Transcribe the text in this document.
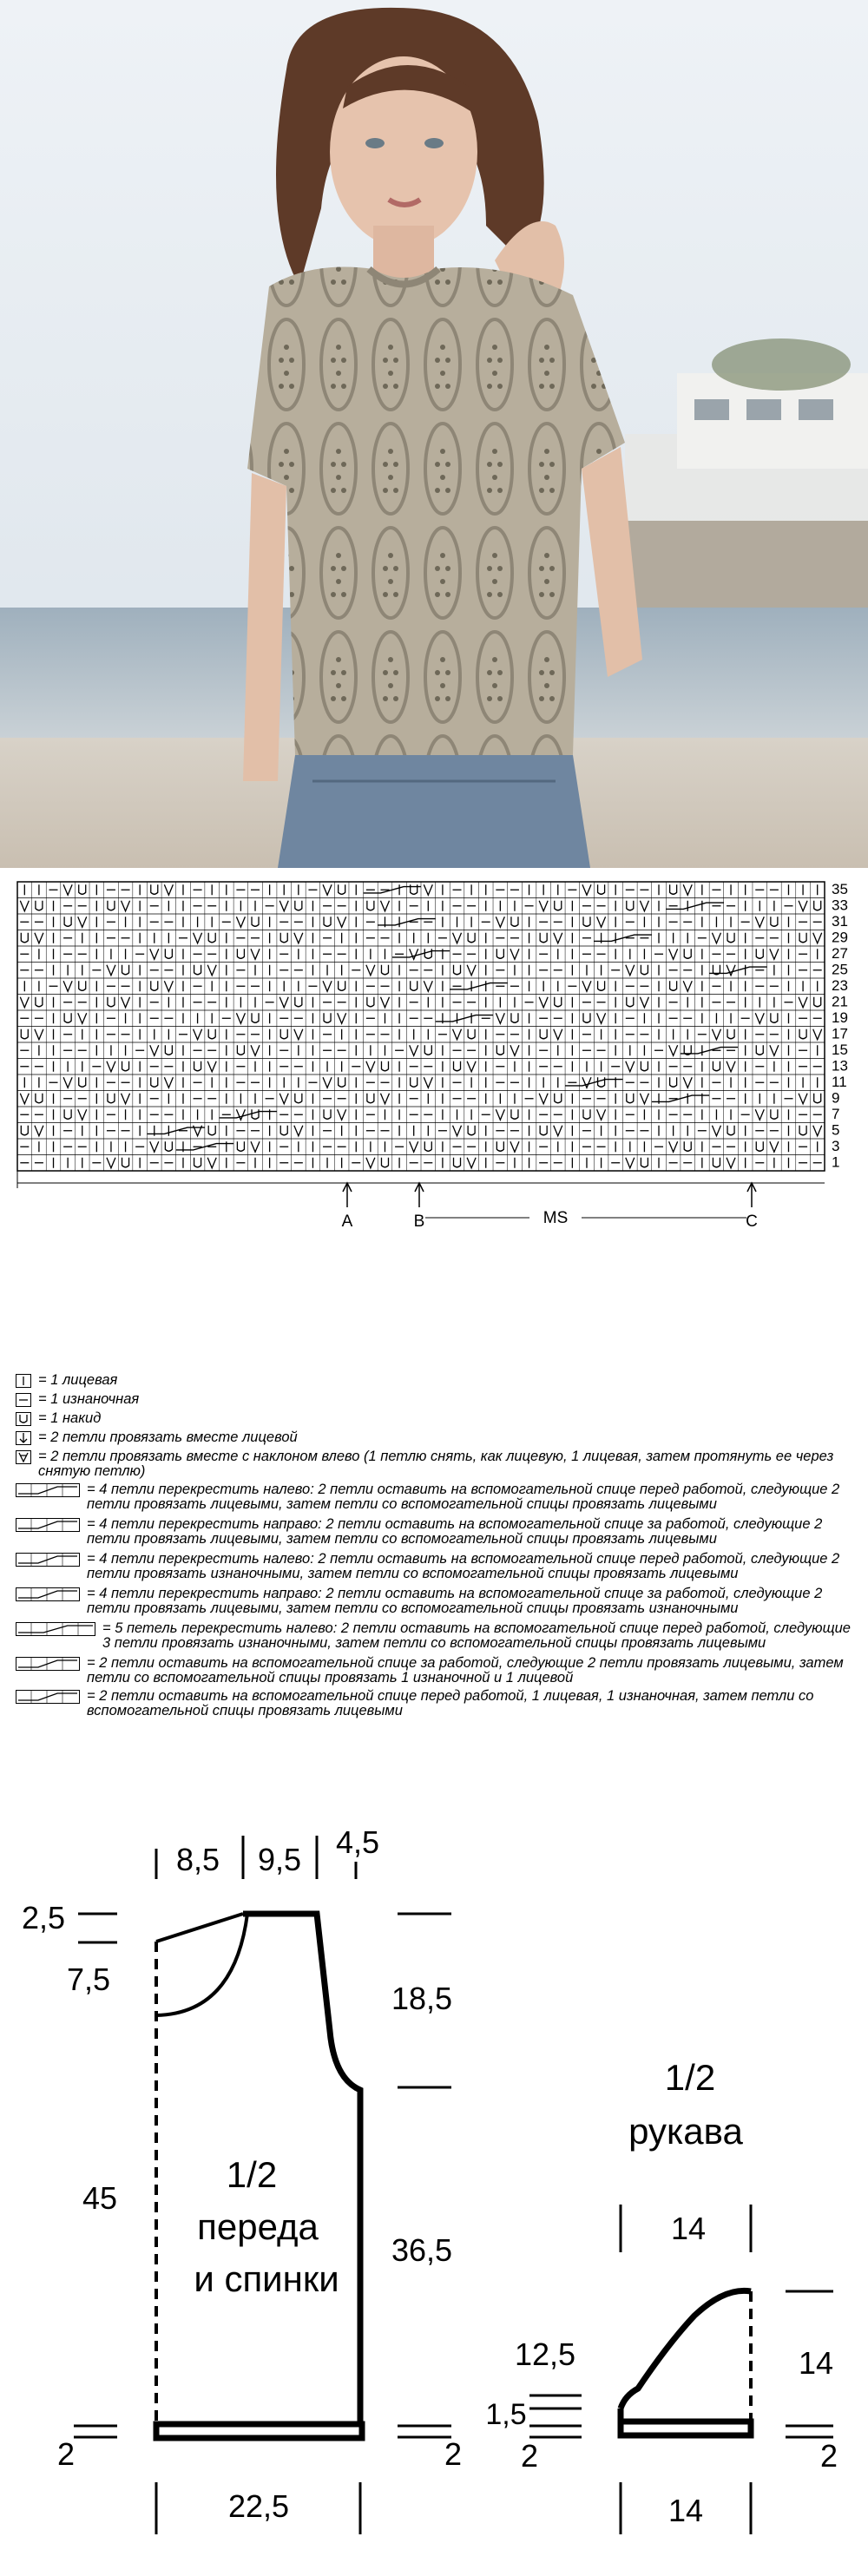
35
33
31
29
27
25
23
21
19
17
15
13
11
9
7
5
3
1
A	B	C
MS
= 1 лицевая
= 1 изнаночная
= 1 накид
= 2 петли провязать вместе лицевой
= 2 петли провязать вместе с наклоном влево (1 петлю снять, как лицевую, 1 лицевая, затем протянуть ее через снятую петлю)
= 4 петли перекрестить налево: 2 петли оставить на вспомогательной спице перед работой, следующие 2 петли провязать лицевыми, затем петли со вспомогательной спицы провязать лицевыми
= 4 петли перекрестить направо: 2 петли оставить на вспомогательной спице за работой, следующие 2 петли провязать лицевыми, затем петли со вспомогательной спицы провязать лицевыми
= 4 петли перекрестить налево: 2 петли оставить на вспомогательной спице перед работой, следующие 2 петли провязать изнаночными, затем петли со вспомогательной спицы провязать лицевыми
= 4 петли перекрестить направо: 2 петли оставить на вспомогательной спице за работой, следующие 2 петли провязать лицевыми, затем петли со вспомогательной спицы провязать изнаночными
= 5 петель перекрестить налево: 2 петли оставить на вспомогательной спице перед работой, следующие 3 петли провязать изнаночными, затем петли со вспомогательной спицы провязать лицевыми
= 2 петли оставить на вспомогательной спице за работой, следующие 2 петли провязать лицевыми, затем петли со вспомогательной спицы провязать 1 изнаночной и 1 лицевой
= 2 петли оставить на вспомогательной спице перед работой, 1 лицевая, 1 изнаночная, затем петли со вспомогательной спицы провязать лицевыми
1/2
переда
и спинки
8,5 9,5 4,5
2,5
7,5
45
2
18,5
36,5
2
22,5
1/2
рукава
14
12,5
1,5
2
14
2
14
